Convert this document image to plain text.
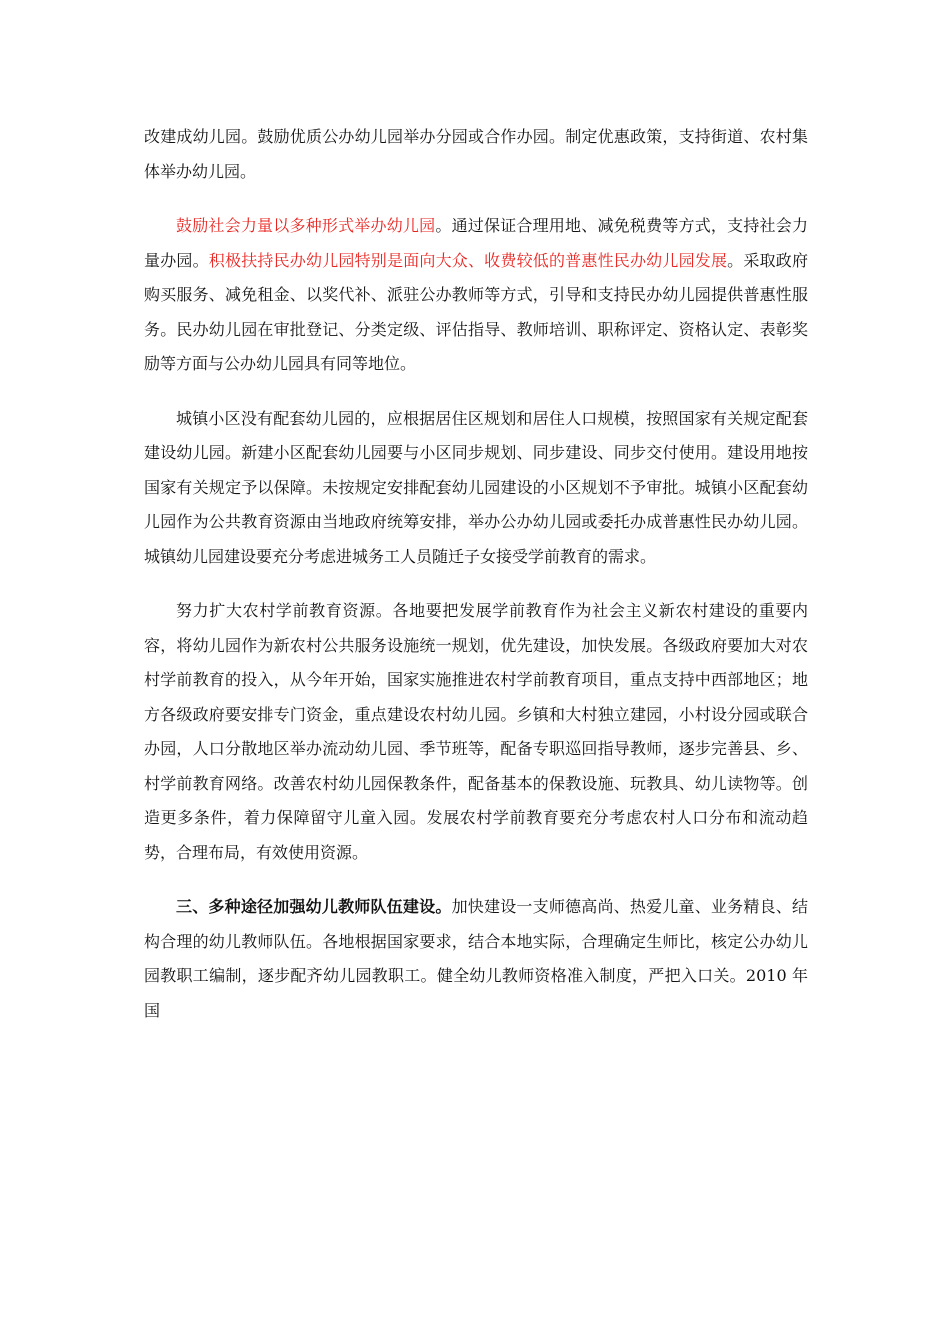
改建成幼儿园。鼓励优质公办幼儿园举办分园或合作办园。制定优惠政策，支持街道、农村集体举办幼儿园。

鼓励社会力量以多种形式举办幼儿园。通过保证合理用地、减免税费等方式，支持社会力量办园。积极扶持民办幼儿园特别是面向大众、收费较低的普惠性民办幼儿园发展。采取政府购买服务、减免租金、以奖代补、派驻公办教师等方式，引导和支持民办幼儿园提供普惠性服务。民办幼儿园在审批登记、分类定级、评估指导、教师培训、职称评定、资格认定、表彰奖励等方面与公办幼儿园具有同等地位。

城镇小区没有配套幼儿园的，应根据居住区规划和居住人口规模，按照国家有关规定配套建设幼儿园。新建小区配套幼儿园要与小区同步规划、同步建设、同步交付使用。建设用地按国家有关规定予以保障。未按规定安排配套幼儿园建设的小区规划不予审批。城镇小区配套幼儿园作为公共教育资源由当地政府统筹安排，举办公办幼儿园或委托办成普惠性民办幼儿园。城镇幼儿园建设要充分考虑进城务工人员随迁子女接受学前教育的需求。

努力扩大农村学前教育资源。各地要把发展学前教育作为社会主义新农村建设的重要内容，将幼儿园作为新农村公共服务设施统一规划，优先建设，加快发展。各级政府要加大对农村学前教育的投入，从今年开始，国家实施推进农村学前教育项目，重点支持中西部地区；地方各级政府要安排专门资金，重点建设农村幼儿园。乡镇和大村独立建园，小村设分园或联合办园，人口分散地区举办流动幼儿园、季节班等，配备专职巡回指导教师，逐步完善县、乡、村学前教育网络。改善农村幼儿园保教条件，配备基本的保教设施、玩教具、幼儿读物等。创造更多条件，着力保障留守儿童入园。发展农村学前教育要充分考虑农村人口分布和流动趋势，合理布局，有效使用资源。

三、多种途径加强幼儿教师队伍建设。加快建设一支师德高尚、热爱儿童、业务精良、结构合理的幼儿教师队伍。各地根据国家要求，结合本地实际，合理确定生师比，核定公办幼儿园教职工编制，逐步配齐幼儿园教职工。健全幼儿教师资格准入制度，严把入口关。2010 年国
